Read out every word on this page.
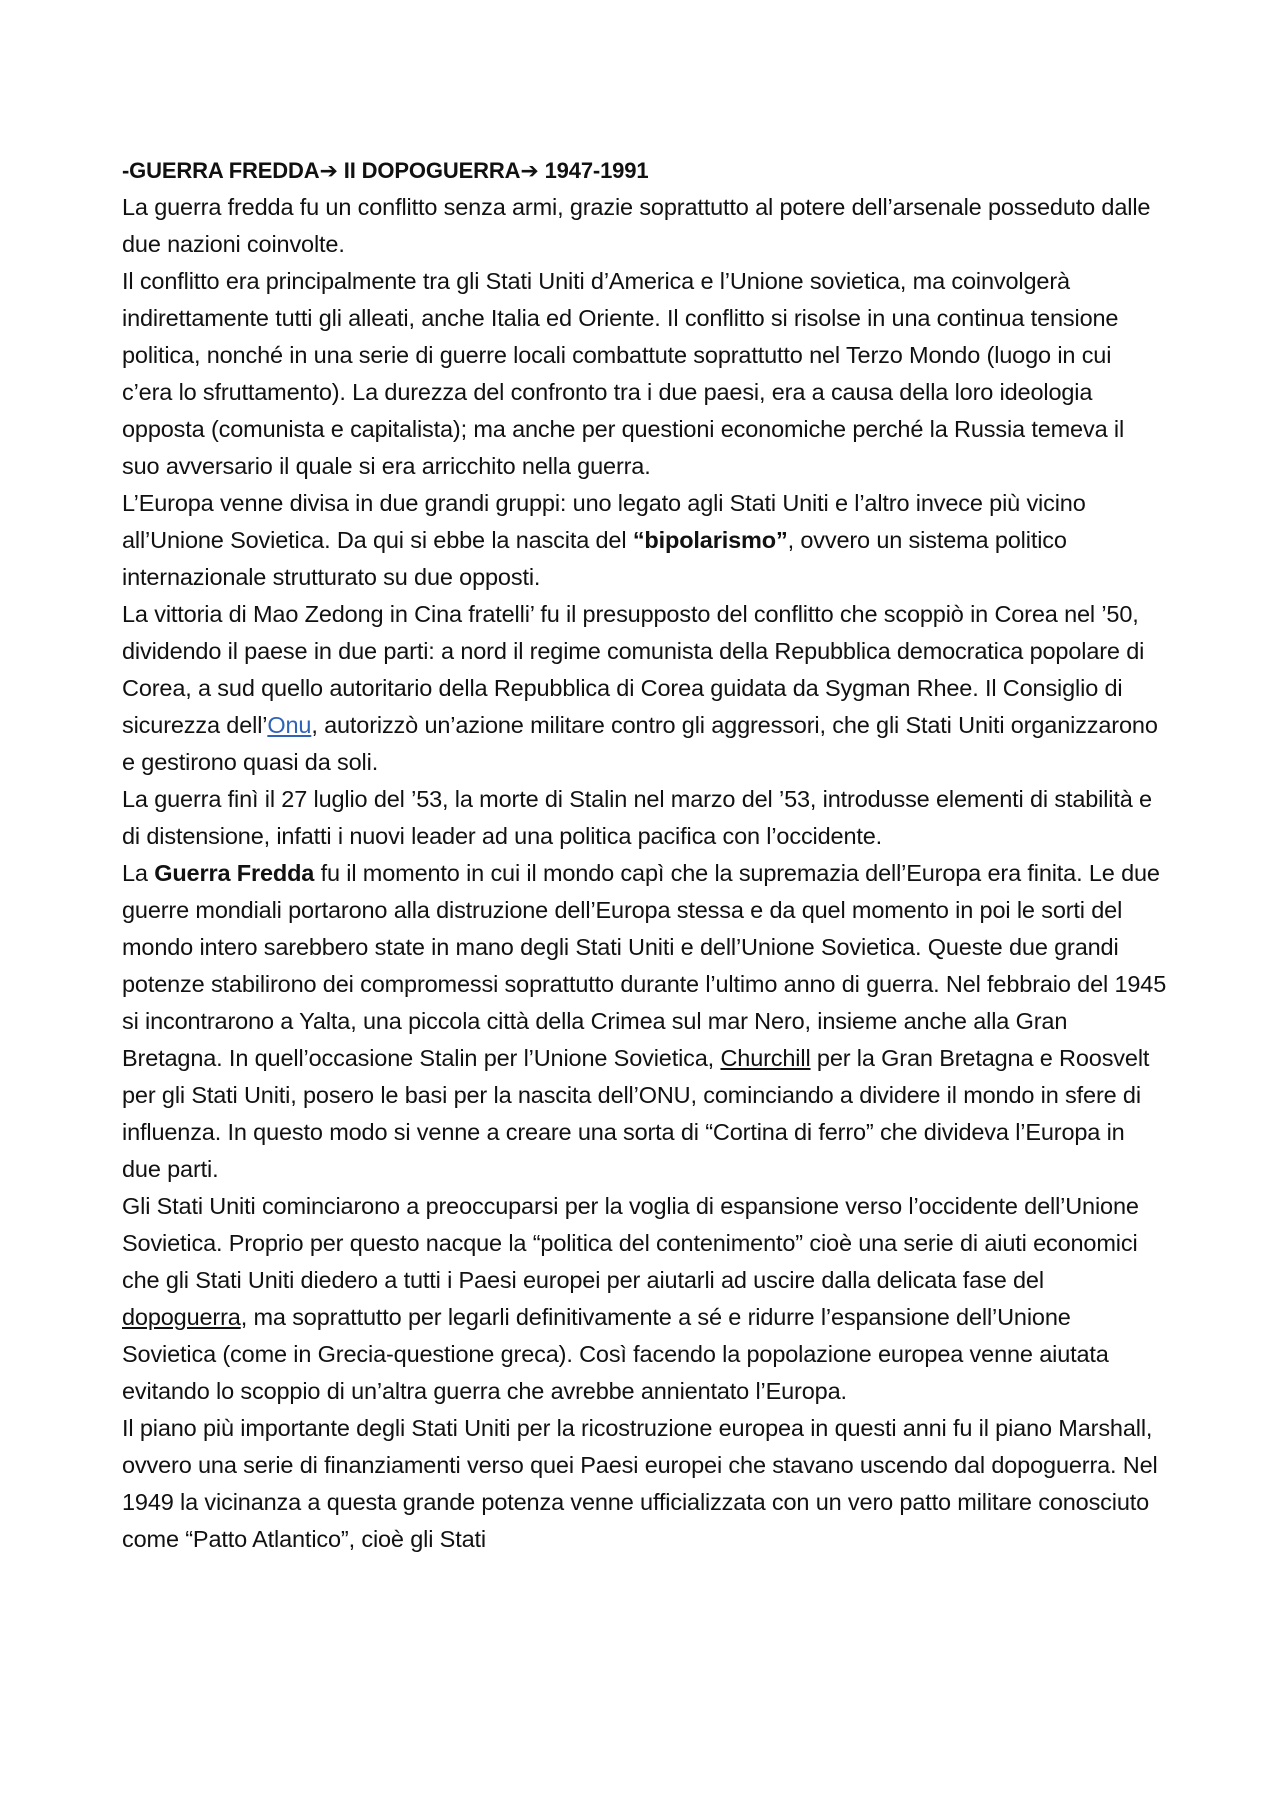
-GUERRA FREDDA➔ II DOPOGUERRA➔ 1947-1991

La guerra fredda fu un conflitto senza armi, grazie soprattutto al potere dell’arsenale posseduto dalle due nazioni coinvolte.

Il conflitto era principalmente tra gli Stati Uniti d’America e l’Unione sovietica, ma coinvolgerà indirettamente tutti gli alleati, anche Italia ed Oriente. Il conflitto si risolse in una continua tensione politica, nonché in una serie di guerre locali combattute soprattutto nel Terzo Mondo (luogo in cui c’era lo sfruttamento). La durezza del confronto tra i due paesi, era a causa della loro ideologia opposta (comunista e capitalista); ma anche per questioni economiche perché la Russia temeva il suo avversario il quale si era arricchito nella guerra.

L’Europa venne divisa in due grandi gruppi: uno legato agli Stati Uniti e l’altro invece più vicino all’Unione Sovietica. Da qui si ebbe la nascita del “bipolarismo”, ovvero un sistema politico internazionale strutturato su due opposti.

La vittoria di Mao Zedong in Cina fratelli’ fu il presupposto del conflitto che scoppiò in Corea nel ’50, dividendo il paese in due parti: a nord il regime comunista della Repubblica democratica popolare di Corea, a sud quello autoritario della Repubblica di Corea guidata da Sygman Rhee. Il Consiglio di sicurezza dell’Onu, autorizzò un’azione militare contro gli aggressori, che gli Stati Uniti organizzarono e gestirono quasi da soli.

La guerra finì il 27 luglio del ’53, la morte di Stalin nel marzo del ’53, introdusse elementi di stabilità e di distensione, infatti i nuovi leader ad una politica pacifica con l’occidente.

La Guerra Fredda fu il momento in cui il mondo capì che la supremazia dell’Europa era finita. Le due guerre mondiali portarono alla distruzione dell’Europa stessa e da quel momento in poi le sorti del mondo intero sarebbero state in mano degli Stati Uniti e dell’Unione Sovietica. Queste due grandi potenze stabilirono dei compromessi soprattutto durante l’ultimo anno di guerra. Nel febbraio del 1945 si incontrarono a Yalta, una piccola città della Crimea sul mar Nero, insieme anche alla Gran Bretagna. In quell’occasione Stalin per l’Unione Sovietica, Churchill per la Gran Bretagna e Roosvelt per gli Stati Uniti, posero le basi per la nascita dell’ONU, cominciando a dividere il mondo in sfere di influenza. In questo modo si venne a creare una sorta di “Cortina di ferro” che divideva l’Europa in due parti.

Gli Stati Uniti cominciarono a preoccuparsi per la voglia di espansione verso l’occidente dell’Unione Sovietica. Proprio per questo nacque la “politica del contenimento” cioè una serie di aiuti economici che gli Stati Uniti diedero a tutti i Paesi europei per aiutarli ad uscire dalla delicata fase del dopoguerra, ma soprattutto per legarli definitivamente a sé e ridurre l’espansione dell’Unione Sovietica (come in Grecia-questione greca). Così facendo la popolazione europea venne aiutata evitando lo scoppio di un’altra guerra che avrebbe annientato l’Europa.

Il piano più importante degli Stati Uniti per la ricostruzione europea in questi anni fu il piano Marshall, ovvero una serie di finanziamenti verso quei Paesi europei che stavano uscendo dal dopoguerra. Nel 1949 la vicinanza a questa grande potenza venne ufficializzata con un vero patto militare conosciuto come “Patto Atlantico”, cioè gli Stati
